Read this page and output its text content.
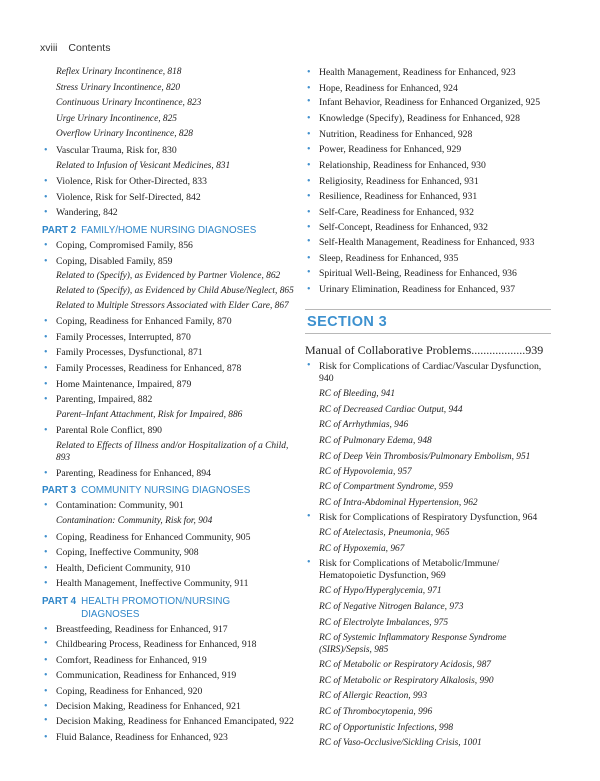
xviii Contents
Reflex Urinary Incontinence, 818
Stress Urinary Incontinence, 820
Continuous Urinary Incontinence, 823
Urge Urinary Incontinence, 825
Overflow Urinary Incontinence, 828
• Vascular Trauma, Risk for, 830
Related to Infusion of Vesicant Medicines, 831
• Violence, Risk for Other-Directed, 833
• Violence, Risk for Self-Directed, 842
• Wandering, 842
PART 2 FAMILY/HOME NURSING DIAGNOSES
• Coping, Compromised Family, 856
• Coping, Disabled Family, 859
Related to (Specify), as Evidenced by Partner Violence, 862
Related to (Specify), as Evidenced by Child Abuse/Neglect, 865
Related to Multiple Stressors Associated with Elder Care, 867
• Coping, Readiness for Enhanced Family, 870
• Family Processes, Interrupted, 870
• Family Processes, Dysfunctional, 871
• Family Processes, Readiness for Enhanced, 878
• Home Maintenance, Impaired, 879
• Parenting, Impaired, 882
Parent–Infant Attachment, Risk for Impaired, 886
• Parental Role Conflict, 890
Related to Effects of Illness and/or Hospitalization of a Child, 893
• Parenting, Readiness for Enhanced, 894
PART 3 COMMUNITY NURSING DIAGNOSES
• Contamination: Community, 901
Contamination: Community, Risk for, 904
• Coping, Readiness for Enhanced Community, 905
• Coping, Ineffective Community, 908
• Health, Deficient Community, 910
• Health Management, Ineffective Community, 911
PART 4 HEALTH PROMOTION/NURSING DIAGNOSES
• Breastfeeding, Readiness for Enhanced, 917
• Childbearing Process, Readiness for Enhanced, 918
• Comfort, Readiness for Enhanced, 919
• Communication, Readiness for Enhanced, 919
• Coping, Readiness for Enhanced, 920
• Decision Making, Readiness for Enhanced, 921
• Decision Making, Readiness for Enhanced Emancipated, 922
• Fluid Balance, Readiness for Enhanced, 923
• Health Management, Readiness for Enhanced, 923
• Hope, Readiness for Enhanced, 924
• Infant Behavior, Readiness for Enhanced Organized, 925
• Knowledge (Specify), Readiness for Enhanced, 928
• Nutrition, Readiness for Enhanced, 928
• Power, Readiness for Enhanced, 929
• Relationship, Readiness for Enhanced, 930
• Religiosity, Readiness for Enhanced, 931
• Resilience, Readiness for Enhanced, 931
• Self-Care, Readiness for Enhanced, 932
• Self-Concept, Readiness for Enhanced, 932
• Self-Health Management, Readiness for Enhanced, 933
• Sleep, Readiness for Enhanced, 935
• Spiritual Well-Being, Readiness for Enhanced, 936
• Urinary Elimination, Readiness for Enhanced, 937
SECTION 3
Manual of Collaborative Problems..................939
• Risk for Complications of Cardiac/Vascular Dysfunction, 940
RC of Bleeding, 941
RC of Decreased Cardiac Output, 944
RC of Arrhythmias, 946
RC of Pulmonary Edema, 948
RC of Deep Vein Thrombosis/Pulmonary Embolism, 951
RC of Hypovolemia, 957
RC of Compartment Syndrome, 959
RC of Intra-Abdominal Hypertension, 962
• Risk for Complications of Respiratory Dysfunction, 964
RC of Atelectasis, Pneumonia, 965
RC of Hypoxemia, 967
• Risk for Complications of Metabolic/Immune/ Hematopoietic Dysfunction, 969
RC of Hypo/Hyperglycemia, 971
RC of Negative Nitrogen Balance, 973
RC of Electrolyte Imbalances, 975
RC of Systemic Inflammatory Response Syndrome (SIRS)/Sepsis, 985
RC of Metabolic or Respiratory Acidosis, 987
RC of Metabolic or Respiratory Alkalosis, 990
RC of Allergic Reaction, 993
RC of Thrombocytopenia, 996
RC of Opportunistic Infections, 998
RC of Vaso-Occlusive/Sickling Crisis, 1001
